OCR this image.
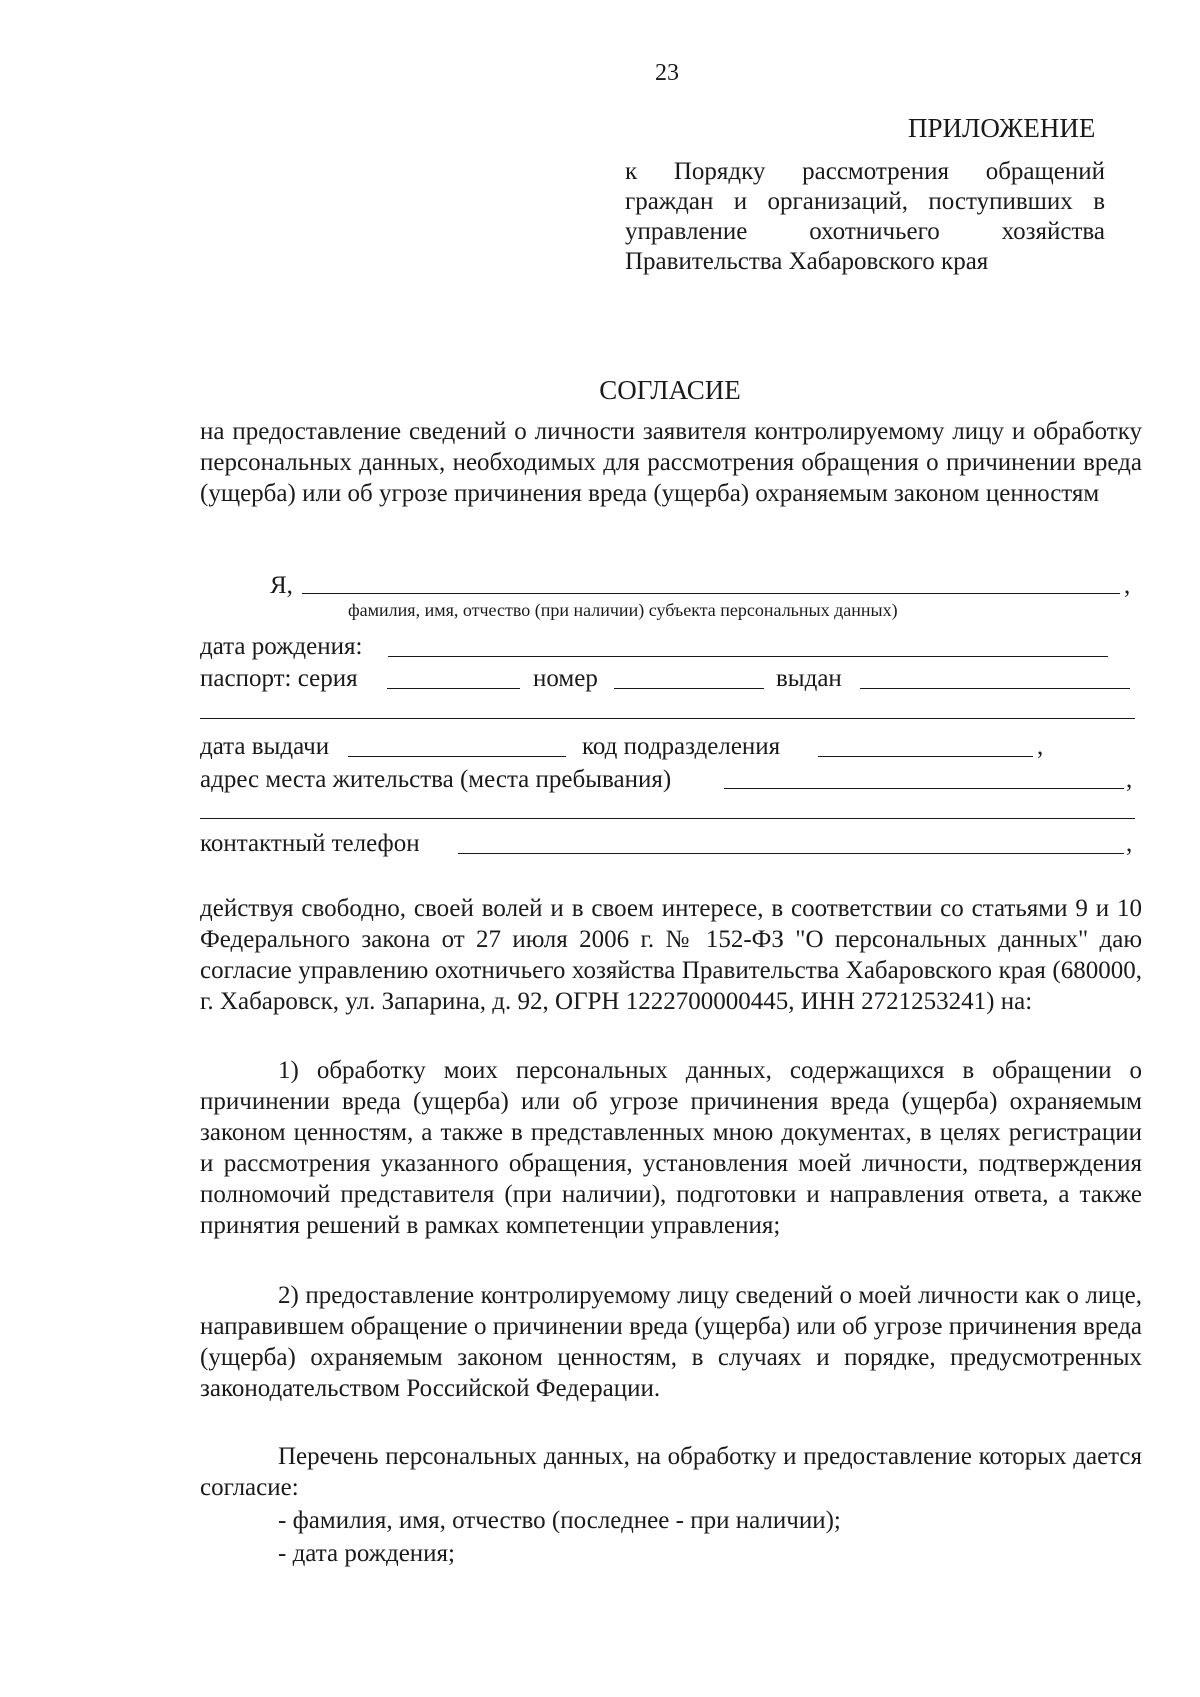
23
ПРИЛОЖЕНИЕ
к Порядку рассмотрения обращений
граждан и организаций, поступивших в
управление охотничьего хозяйства
Правительства Хабаровского края
СОГЛАСИЕ
на предоставление сведений о личности заявителя контролируемому лицу и обработку персональных данных, необходимых для рассмотрения обращения о причинении вреда (ущерба) или об угрозе причинения вреда (ущерба) охраняемым законом ценностям
Я,	,
фамилия, имя, отчество (при наличии) субъекта персональных данных)
дата рождения:
паспорт: серия	номер	выдан
дата выдачи	код подразделения	,
адрес места жительства (места пребывания)	,
контактный телефон	,
действуя свободно, своей волей и в своем интересе, в соответствии со статьями 9 и 10 Федерального закона от 27 июля 2006 г. № 152-ФЗ "О персональных данных" даю согласие управлению охотничьего хозяйства Правительства Хабаровского края (680000, г. Хабаровск, ул. Запарина, д. 92, ОГРН 1222700000445, ИНН 2721253241) на:
1) обработку моих персональных данных, содержащихся в обращении о причинении вреда (ущерба) или об угрозе причинения вреда (ущерба) охраняемым законом ценностям, а также в представленных мною документах, в целях регистрации и рассмотрения указанного обращения, установления моей личности, подтверждения полномочий представителя (при наличии), подготовки и направления ответа, а также принятия решений в рамках компетенции управления;
2) предоставление контролируемому лицу сведений о моей личности как о лице, направившем обращение о причинении вреда (ущерба) или об угрозе причинения вреда (ущерба) охраняемым законом ценностям, в случаях и порядке, предусмотренных законодательством Российской Федерации.
Перечень персональных данных, на обработку и предоставление которых дается согласие:
- фамилия, имя, отчество (последнее - при наличии);
- дата рождения;
